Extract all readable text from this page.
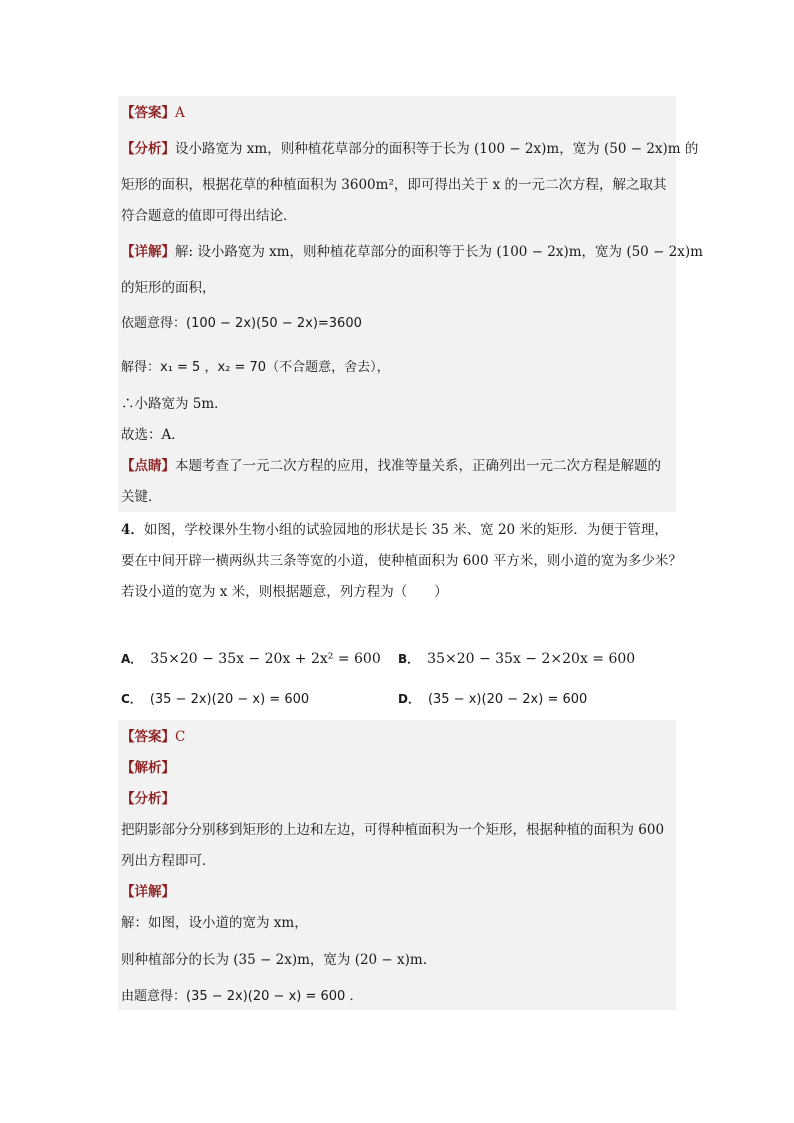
【答案】A
【分析】设小路宽为 xm，则种植花草部分的面积等于长为 (100 − 2x)m，宽为 (50 − 2x)m 的
矩形的面积，根据花草的种植面积为 3600m²，即可得出关于 x 的一元二次方程，解之取其
符合题意的值即可得出结论．
【详解】解: 设小路宽为 xm，则种植花草部分的面积等于长为 (100 − 2x)m，宽为 (50 − 2x)m
的矩形的面积，
依题意得：(100 − 2x)(50 − 2x)=3600
解得：x₁ = 5 ，x₂ = 70（不合题意，舍去），
∴小路宽为 5m．
故选：A．
【点睛】本题考查了一元二次方程的应用，找准等量关系，正确列出一元二次方程是解题的
关键．
4．如图，学校课外生物小组的试验园地的形状是长 35 米、宽 20 米的矩形．为便于管理，
要在中间开辟一横两纵共三条等宽的小道，使种植面积为 600 平方米，则小道的宽为多少米？
若设小道的宽为 x 米，则根据题意，列方程为（　　）
A． 35×20 − 35x − 20x + 2x² = 600 B． 35×20 − 35x − 2×20x = 600
C． (35 − 2x)(20 − x) = 600	D． (35 − x)(20 − 2x) = 600
【答案】C
【解析】
【分析】
把阴影部分分别移到矩形的上边和左边，可得种植面积为一个矩形，根据种植的面积为 600
列出方程即可．
【详解】
解：如图，设小道的宽为 xm，
则种植部分的长为 (35 − 2x)m，宽为 (20 − x)m.
由题意得：(35 − 2x)(20 − x) = 600 ．
